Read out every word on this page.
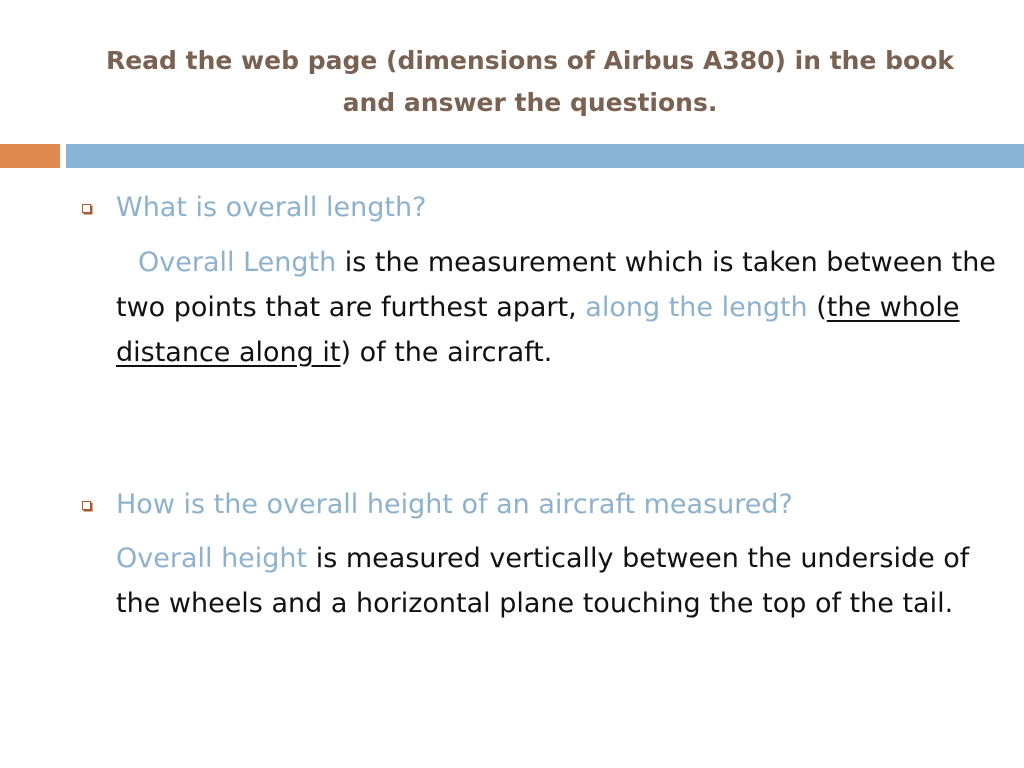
Read the web page (dimensions of Airbus A380) in the book and answer the questions.
What is overall length?
Overall Length is the measurement which is taken between the two points that are furthest apart, along the length (the whole distance along it) of the aircraft.
How is the overall height of an aircraft measured?
Overall height is measured vertically between the underside of the wheels and a horizontal plane touching the top of the tail.
